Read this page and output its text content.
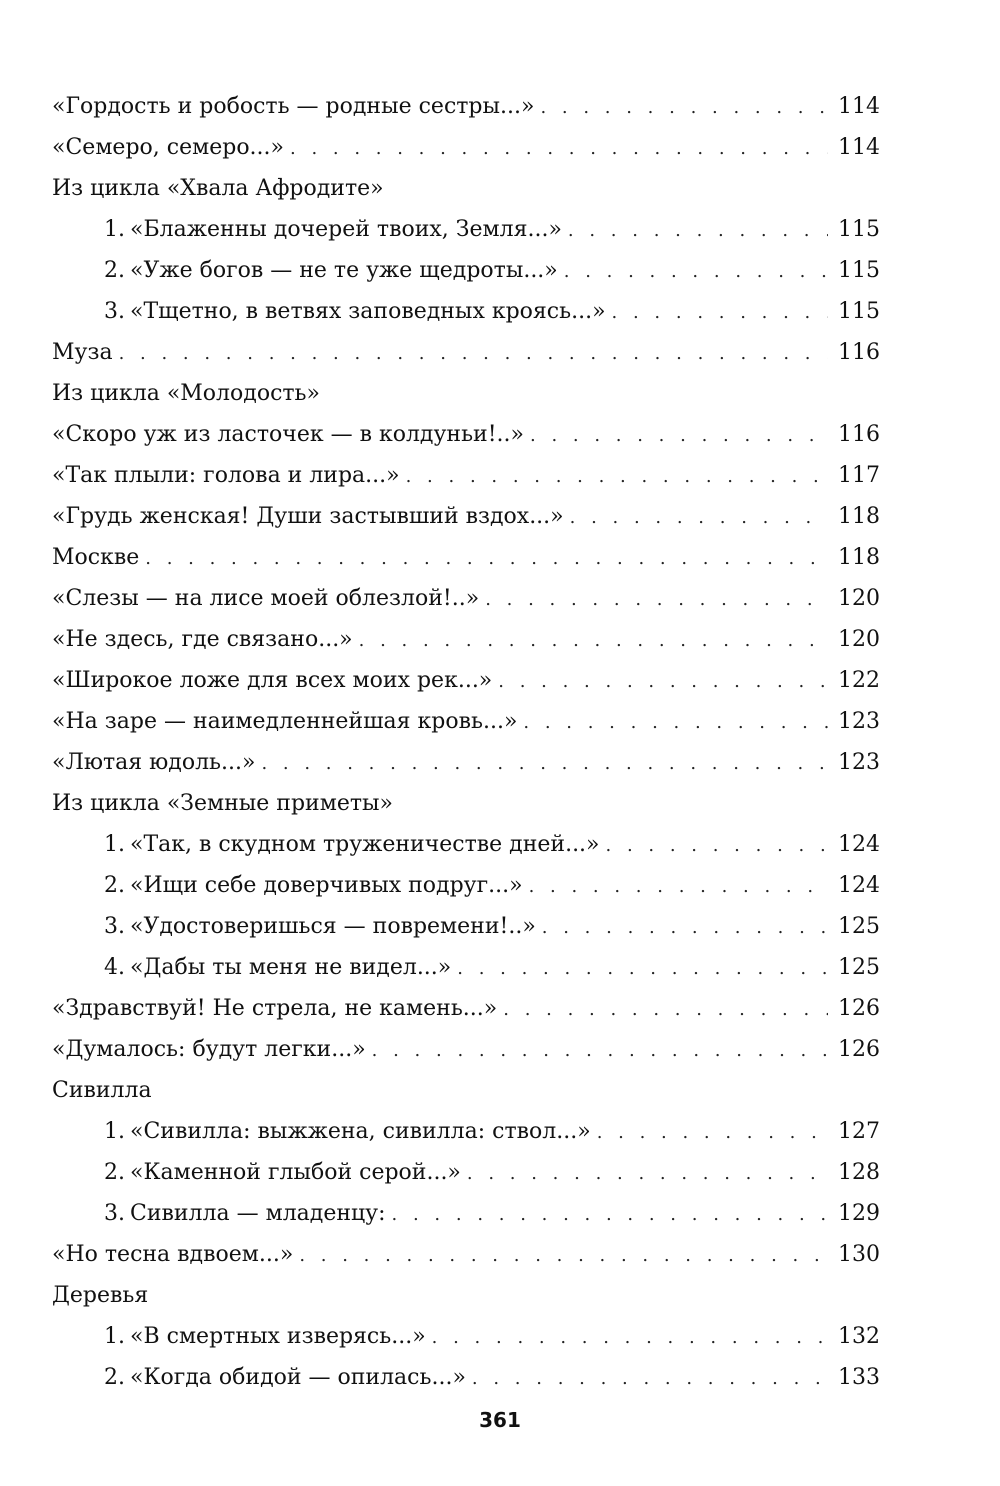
«Гордость и робость — родные сестры...» . . .	114
«Семеро, семеро...» . . .	114
Из цикла «Хвала Афродите»
1. «Блаженны дочерей твоих, Земля...» . . .	115
2. «Уже богов — не те уже щедроты...» . . .	115
3. «Тщетно, в ветвях заповедных кроясь...» . . .	115
Муза . . .	116
Из цикла «Молодость»
«Скоро уж из ласточек — в колдуньи!..» . . .	116
«Так плыли: голова и лира...» . . .	117
«Грудь женская! Души застывший вздох...» . . .	118
Москве . . .	118
«Слезы — на лисе моей облезлой!..» . . .	120
«Не здесь, где связано...» . . .	120
«Широкое ложе для всех моих рек...» . . .	122
«На заре — наимедленнейшая кровь...» . . .	123
«Лютая юдоль...» . . .	123
Из цикла «Земные приметы»
1. «Так, в скудном труженичестве дней...» . . .	124
2. «Ищи себе доверчивых подруг...» . . .	124
3. «Удостоверишься — повремени!..» . . .	125
4. «Дабы ты меня не видел...» . . .	125
«Здравствуй! Не стрела, не камень...» . . .	126
«Думалось: будут легки...» . . .	126
Сивилла
1. «Сивилла: выжжена, сивилла: ствол...» . . .	127
2. «Каменной глыбой серой...» . . .	128
3. Сивилла — младенцу: . . .	129
«Но тесна вдвоем...» . . .	130
Деревья
1. «В смертных изверясь...» . . .	132
2. «Когда обидой — опилась...» . . .	133
361
